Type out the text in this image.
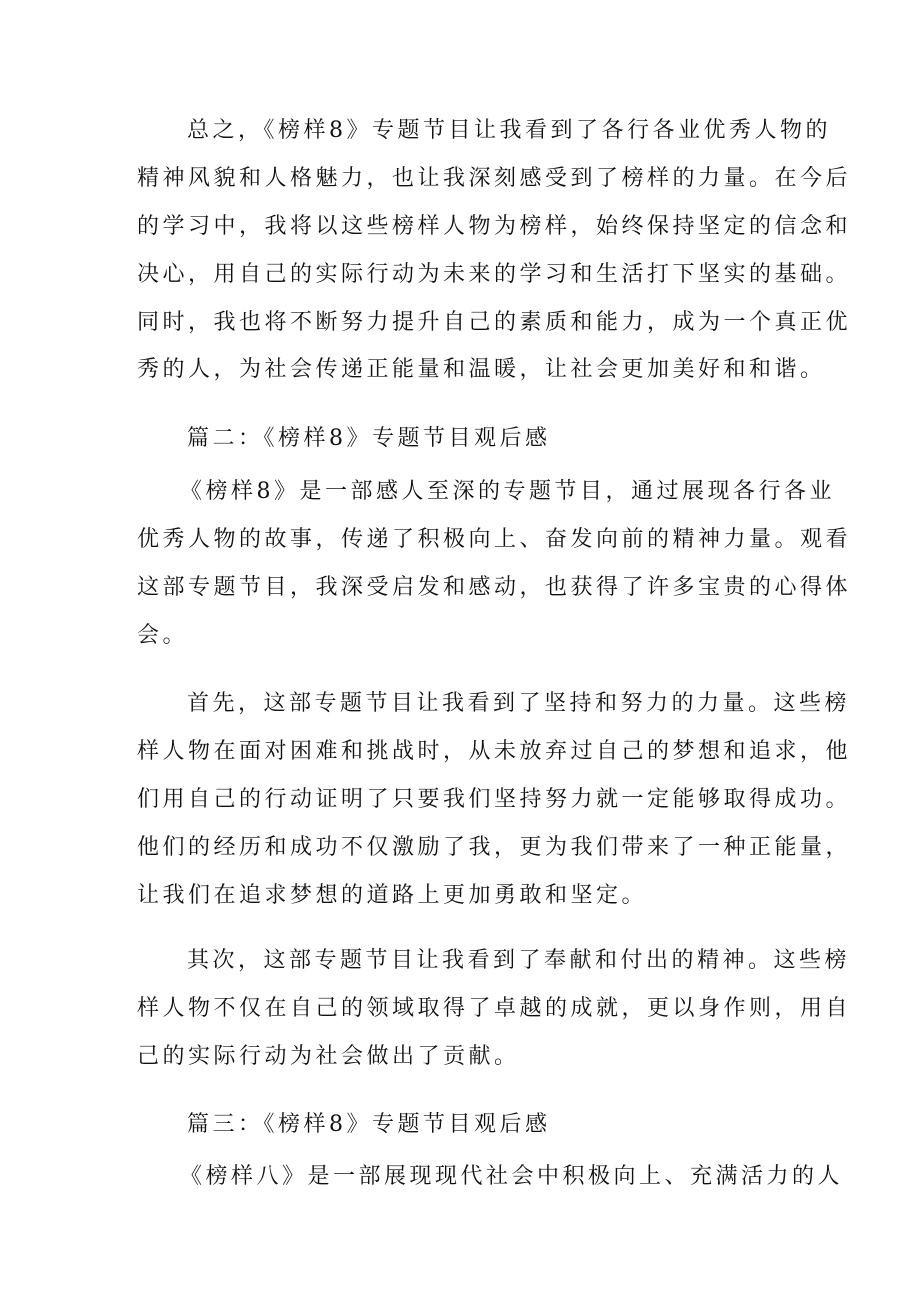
总之，《榜样8》专题节目让我看到了各行各业优秀人物的
精神风貌和人格魅力，也让我深刻感受到了榜样的力量。在今后
的学习中，我将以这些榜样人物为榜样，始终保持坚定的信念和
决心，用自己的实际行动为未来的学习和生活打下坚实的基础。
同时，我也将不断努力提升自己的素质和能力，成为一个真正优
秀的人，为社会传递正能量和温暖，让社会更加美好和和谐。
篇二：《榜样8》专题节目观后感
《榜样8》是一部感人至深的专题节目，通过展现各行各业
优秀人物的故事，传递了积极向上、奋发向前的精神力量。观看
这部专题节目，我深受启发和感动，也获得了许多宝贵的心得体
会。
首先，这部专题节目让我看到了坚持和努力的力量。这些榜
样人物在面对困难和挑战时，从未放弃过自己的梦想和追求，他
们用自己的行动证明了只要我们坚持努力就一定能够取得成功。
他们的经历和成功不仅激励了我，更为我们带来了一种正能量，
让我们在追求梦想的道路上更加勇敢和坚定。
其次，这部专题节目让我看到了奉献和付出的精神。这些榜
样人物不仅在自己的领域取得了卓越的成就，更以身作则，用自
己的实际行动为社会做出了贡献。
篇三：《榜样8》专题节目观后感
《榜样八》是一部展现现代社会中积极向上、充满活力的人
